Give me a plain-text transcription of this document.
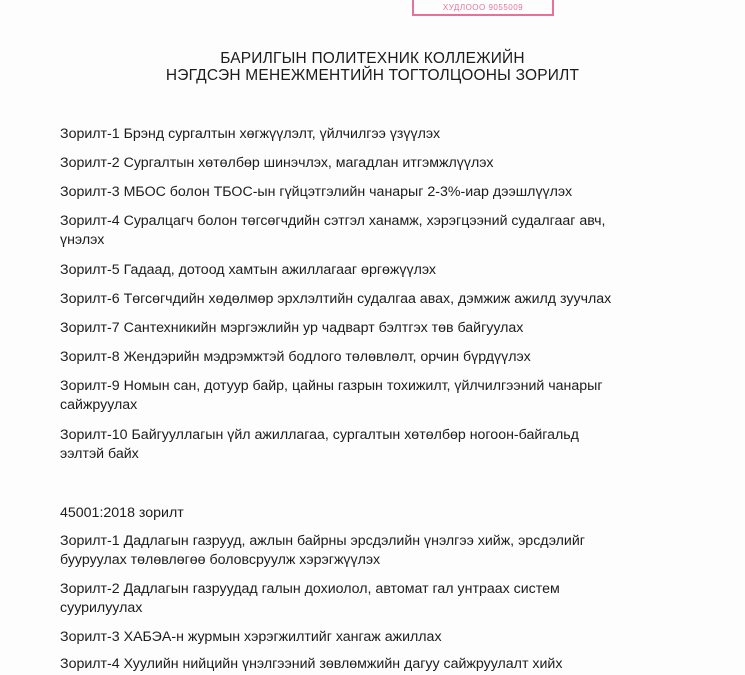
ХУДЛООО 9055009
БАРИЛГЫН ПОЛИТЕХНИК КОЛЛЕЖИЙН
НЭГДСЭН МЕНЕЖМЕНТИЙН ТОГТОЛЦООНЫ ЗОРИЛТ
Зорилт-1 Брэнд сургалтын хөгжүүлэлт, үйлчилгээ үзүүлэх
Зорилт-2 Сургалтын хөтөлбөр шинэчлэх, магадлан итгэмжлүүлэх
Зорилт-3 МБОС болон ТБОС-ын гүйцэтгэлийн чанарыг 2-3%-иар дээшлүүлэх
Зорилт-4 Суралцагч болон төгсөгчдийн сэтгэл ханамж, хэрэгцээний судалгааг авч,
үнэлэх
Зорилт-5 Гадаад, дотоод хамтын ажиллагааг өргөжүүлэх
Зорилт-6 Төгсөгчдийн хөдөлмөр эрхлэлтийн судалгаа авах, дэмжиж ажилд зуучлах
Зорилт-7 Сантехникийн мэргэжлийн ур чадварт бэлтгэх төв байгуулах
Зорилт-8 Жендэрийн мэдрэмжтэй бодлого төлөвлөлт, орчин бүрдүүлэх
Зорилт-9 Номын сан, дотуур байр, цайны газрын тохижилт, үйлчилгээний чанарыг
сайжруулах
Зорилт-10 Байгууллагын үйл ажиллагаа, сургалтын хөтөлбөр ногоон-байгальд
ээлтэй байх
45001:2018 зорилт
Зорилт-1 Дадлагын газрууд, ажлын байрны эрсдэлийн үнэлгээ хийж, эрсдэлийг
бууруулах төлөвлөгөө боловсруулж хэрэгжүүлэх
Зорилт-2 Дадлагын газруудад галын дохиолол, автомат гал унтраах систем
суурилуулах
Зорилт-3 ХАБЭА-н журмын хэрэгжилтийг хангаж ажиллах
Зорилт-4 Хуулийн нийцийн үнэлгээний зөвлөмжийн дагуу сайжруулалт хийх
